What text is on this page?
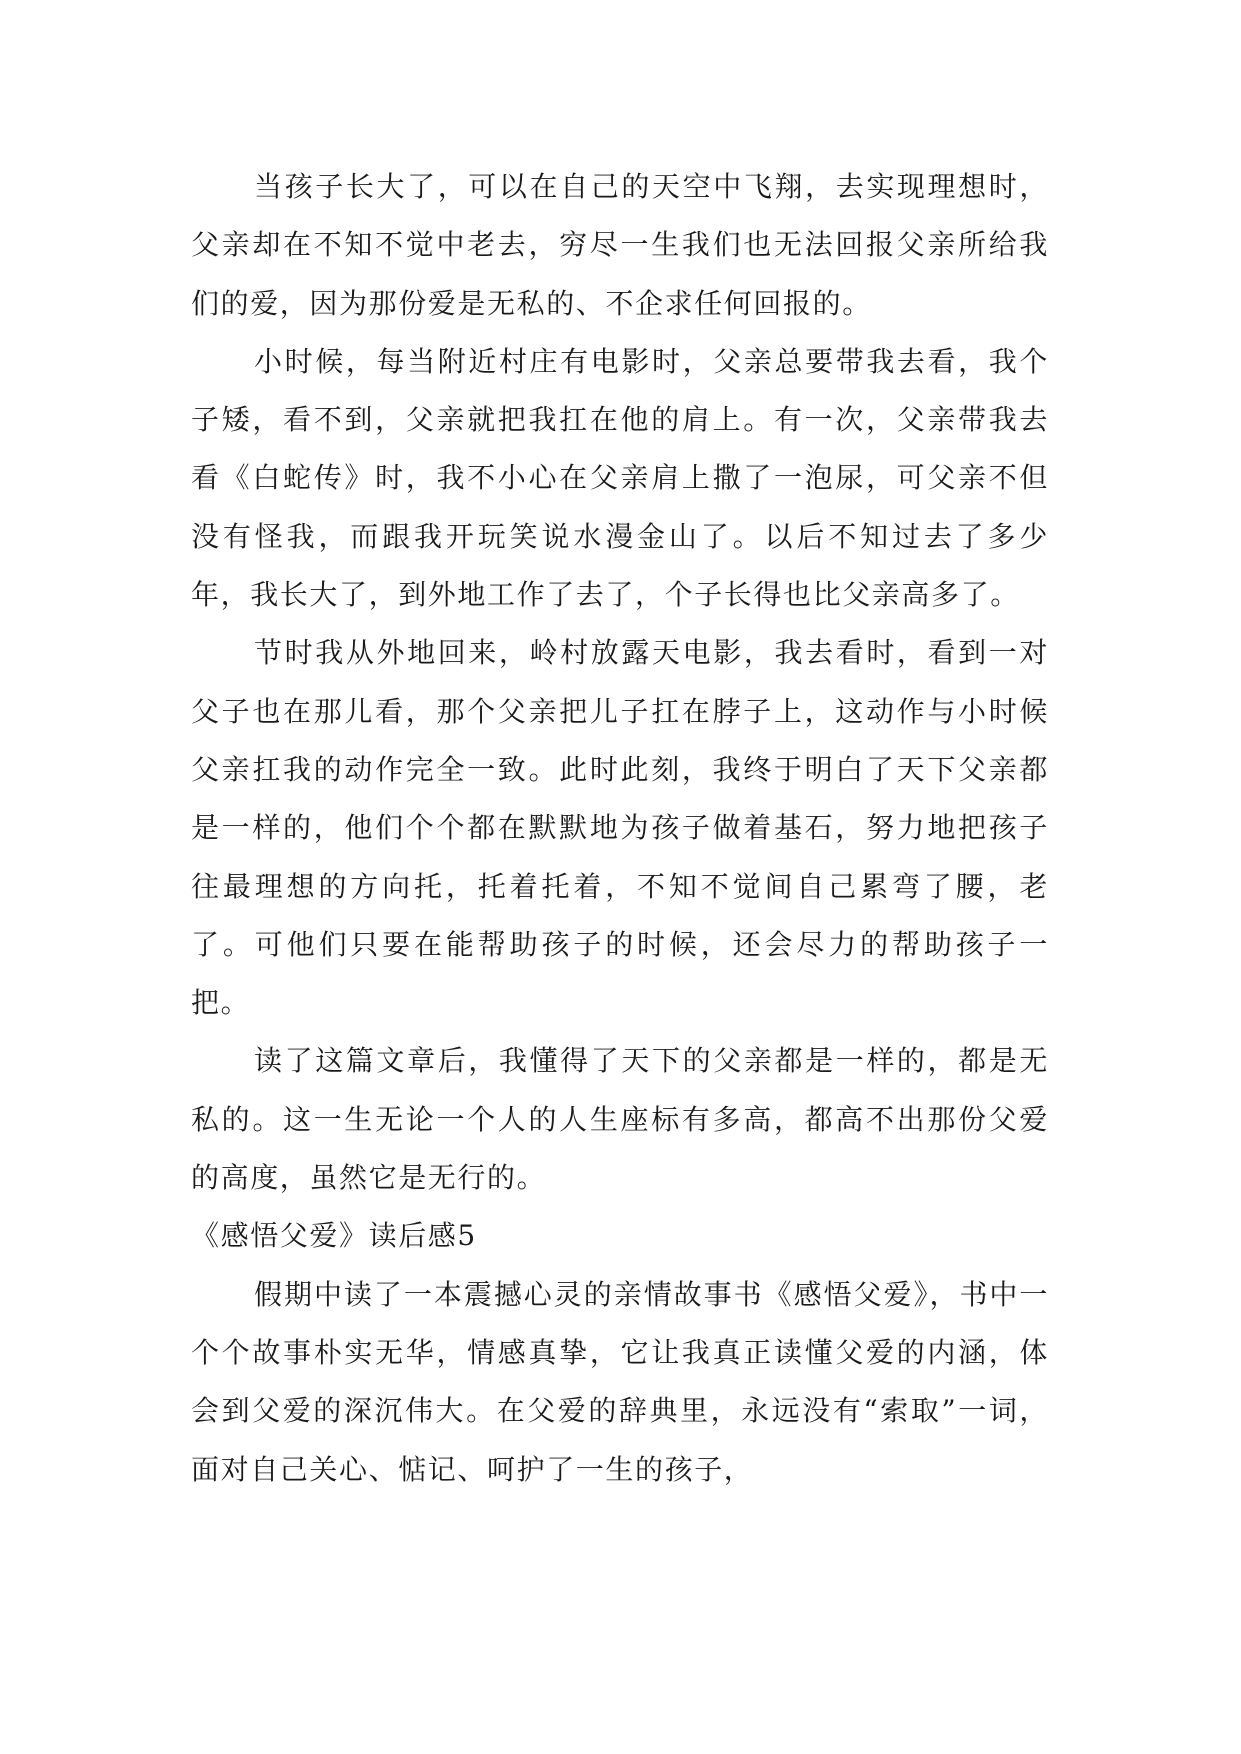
当孩子长大了，可以在自己的天空中飞翔，去实现理想时，父亲却在不知不觉中老去，穷尽一生我们也无法回报父亲所给我们的爱，因为那份爱是无私的、不企求任何回报的。

小时候，每当附近村庄有电影时，父亲总要带我去看，我个子矮，看不到，父亲就把我扛在他的肩上。有一次，父亲带我去看《白蛇传》时，我不小心在父亲肩上撒了一泡尿，可父亲不但没有怪我，而跟我开玩笑说水漫金山了。以后不知过去了多少年，我长大了，到外地工作了去了，个子长得也比父亲高多了。

节时我从外地回来，岭村放露天电影，我去看时，看到一对父子也在那儿看，那个父亲把儿子扛在脖子上，这动作与小时候父亲扛我的动作完全一致。此时此刻，我终于明白了天下父亲都是一样的，他们个个都在默默地为孩子做着基石，努力地把孩子往最理想的方向托，托着托着，不知不觉间自己累弯了腰，老了。可他们只要在能帮助孩子的时候，还会尽力的帮助孩子一把。

读了这篇文章后，我懂得了天下的父亲都是一样的，都是无私的。这一生无论一个人的人生座标有多高，都高不出那份父爱的高度，虽然它是无行的。

《感悟父爱》读后感5

假期中读了一本震撼心灵的亲情故事书《感悟父爱》，书中一个个故事朴实无华，情感真挚，它让我真正读懂父爱的内涵，体会到父爱的深沉伟大。在父爱的辞典里，永远没有“索取”一词，面对自己关心、惦记、呵护了一生的孩子，
